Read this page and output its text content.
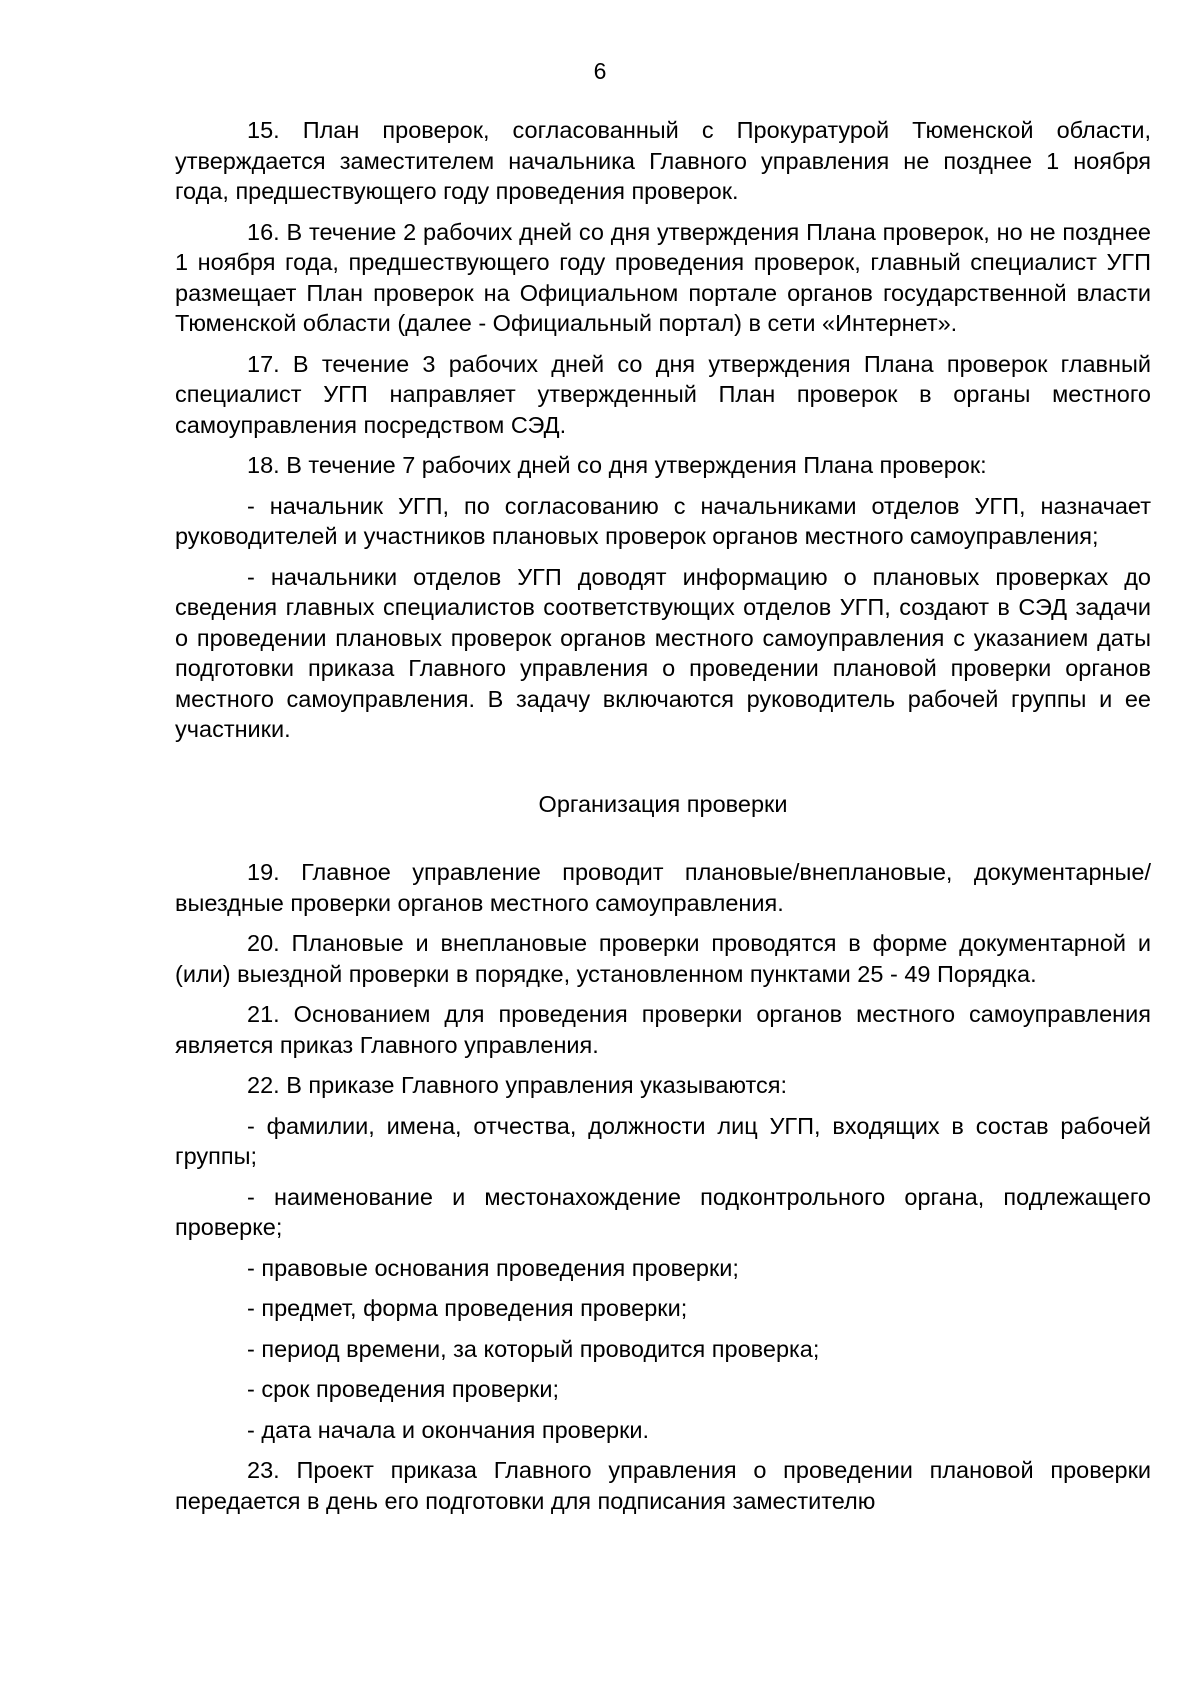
6

15. План проверок, согласованный с Прокуратурой Тюменской области, утверждается заместителем начальника Главного управления не позднее 1 ноября года, предшествующего году проведения проверок.

16. В течение 2 рабочих дней со дня утверждения Плана проверок, но не позднее 1 ноября года, предшествующего году проведения проверок, главный специалист УГП размещает План проверок на Официальном портале органов государственной власти Тюменской области (далее - Официальный портал) в сети «Интернет».

17. В течение 3 рабочих дней со дня утверждения Плана проверок главный специалист УГП направляет утвержденный План проверок в органы местного самоуправления посредством СЭД.

18. В течение 7 рабочих дней со дня утверждения Плана проверок:

- начальник УГП, по согласованию с начальниками отделов УГП, назначает руководителей и участников плановых проверок органов местного самоуправления;

- начальники отделов УГП доводят информацию о плановых проверках до сведения главных специалистов соответствующих отделов УГП, создают в СЭД задачи о проведении плановых проверок органов местного самоуправления с указанием даты подготовки приказа Главного управления о проведении плановой проверки органов местного самоуправления. В задачу включаются руководитель рабочей группы и ее участники.

Организация проверки

19. Главное управление проводит плановые/внеплановые, документарные/выездные проверки органов местного самоуправления.

20. Плановые и внеплановые проверки проводятся в форме документарной и (или) выездной проверки в порядке, установленном пунктами 25 - 49 Порядка.

21. Основанием для проведения проверки органов местного самоуправления является приказ Главного управления.

22. В приказе Главного управления указываются:

- фамилии, имена, отчества, должности лиц УГП, входящих в состав рабочей группы;

- наименование и местонахождение подконтрольного органа, подлежащего проверке;

- правовые основания проведения проверки;

- предмет, форма проведения проверки;

- период времени, за который проводится проверка;

- срок проведения проверки;

- дата начала и окончания проверки.

23. Проект приказа Главного управления о проведении плановой проверки передается в день его подготовки для подписания заместителю
